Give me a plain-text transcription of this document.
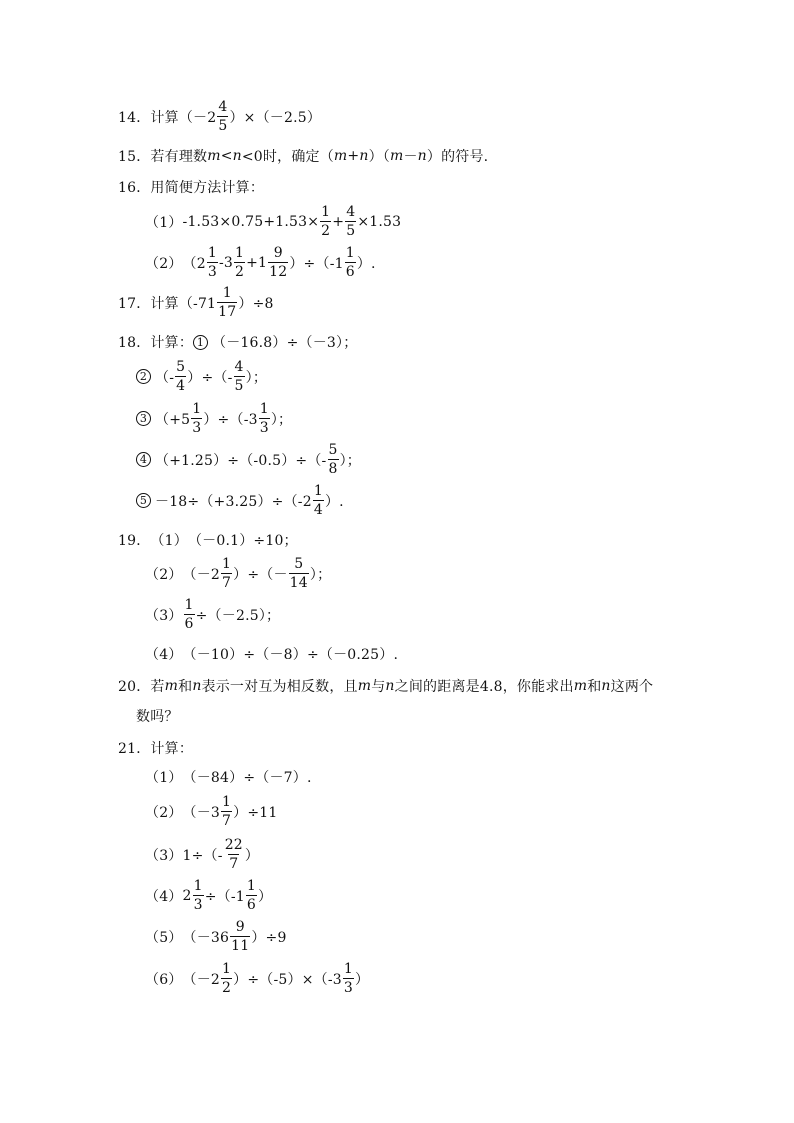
14． 计算$(-2 \frac{4}{5} )\times(-2.5)$
15． 若有理数 m < n <0时，确定（ m + n ）（ m － n ）的符号.
16． 用简便方法计算：
（1） $-1.53\times 0.75+1.53\times \frac{1}{2} + \frac{4}{5} \times 1.53$
（2） $(2 \frac{1}{3} -3 \frac{1}{2} +1 \frac{9}{12} )\div(-1 \frac{1}{6}$ ）.
17． 计算$(-71 \frac{1}{17} )\div 8$
18． 计算： 1 （－16.8）÷（－3）；
2 （- $\frac{5}{4}$ ）÷（- $\frac{4}{5}$ ）；
3 $(+5 \frac{1}{3} )\div(-3 \frac{1}{3}$ ）；
4 $(+1.25)\div(-0.5)\div(- \frac{5}{8}$ ）；
$5 -18\div(+3.25)\div(-2 \frac{1}{4}$ ）.
19． （1） （－0.1）÷10；
（2） （$-2 \frac{1}{7}$ ）÷（－ $\frac{5}{14}$ ）；
$(3) \frac{1}{6} \div(-2.5)$；
（4） （－10）÷（－8）÷（－0.25）.
20． 若 m 和 n 表示一对互为相反数，且 m 与 n 之间的距离是4.8，你能求出 m 和 n 这两个
数吗？
21． 计算：
（1） （－84）÷（－7）.
（2） $(-3 \frac{1}{7} )\div 11$
（3） $1\div(- \frac{22}{7}$ ）
（4） $2 \frac{1}{3} \div(-1 \frac{1}{6}$ ）
（5） $(-36 \frac{9}{11} )\div 9$
（6） $(-2 \frac{1}{2} )\div(-5)\times(-3 \frac{1}{3}$ ）
